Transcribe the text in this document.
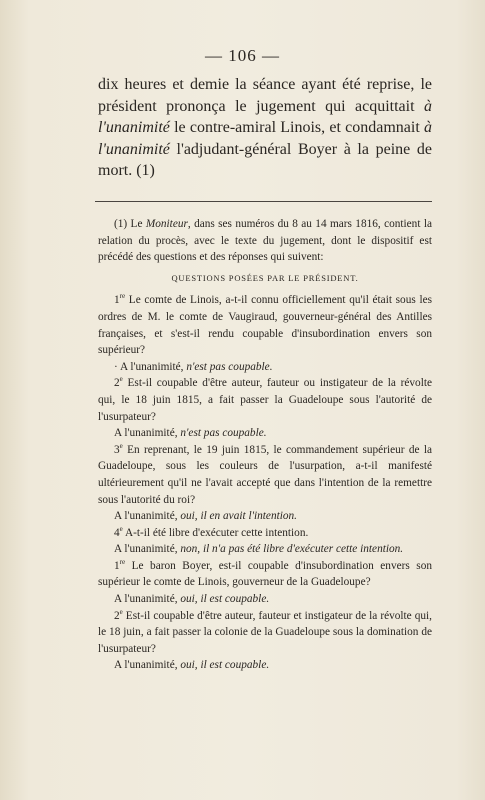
— 106 —

dix heures et demie la séance ayant été reprise, le président prononça le jugement qui acquittait à l'unanimité le contre-amiral Linois, et condamnait à l'unanimité l'adjudant-général Boyer à la peine de mort. (1)

(1) Le Moniteur, dans ses numéros du 8 au 14 mars 1816, contient la relation du procès, avec le texte du jugement, dont le dispositif est précédé des questions et des réponses qui suivent:

QUESTIONS POSÉES PAR LE PRÉSIDENT.

1re Le comte de Linois, a-t-il connu officiellement qu'il était sous les ordres de M. le comte de Vaugiraud, gouverneur-général des Antilles françaises, et s'est-il rendu coupable d'insubordination envers son supérieur?

· A l'unanimité, n'est pas coupable.

2e Est-il coupable d'être auteur, fauteur ou instigateur de la révolte qui, le 18 juin 1815, a fait passer la Guadeloupe sous l'autorité de l'usurpateur?

A l'unanimité, n'est pas coupable.

3e En reprenant, le 19 juin 1815, le commandement supérieur de la Guadeloupe, sous les couleurs de l'usurpation, a-t-il manifesté ultérieurement qu'il ne l'avait accepté que dans l'intention de la remettre sous l'autorité du roi?

A l'unanimité, oui, il en avait l'intention.

4e A-t-il été libre d'exécuter cette intention.

A l'unanimité, non, il n'a pas été libre d'exécuter cette intention.

1re Le baron Boyer, est-il coupable d'insubordination envers son supérieur le comte de Linois, gouverneur de la Guadeloupe?

A l'unanimité, oui, il est coupable.

2e Est-il coupable d'être auteur, fauteur et instigateur de la révolte qui, le 18 juin, a fait passer la colonie de la Guadeloupe sous la domination de l'usurpateur?

A l'unanimité, oui, il est coupable.
